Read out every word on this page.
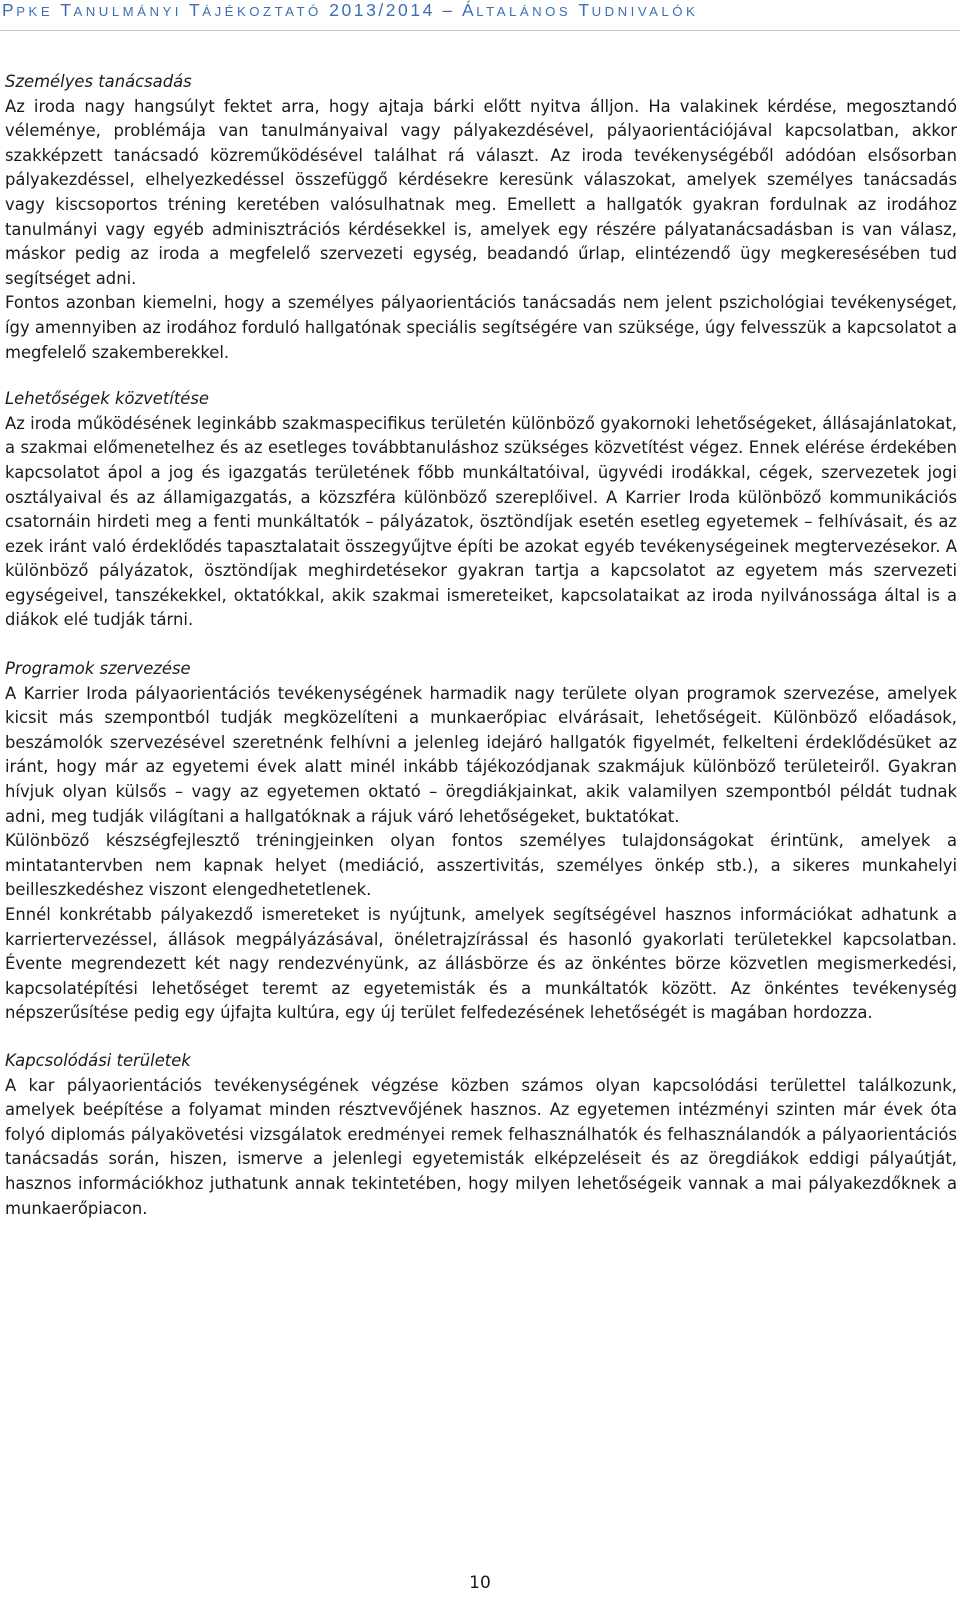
PPKE TANULMÁNYI TÁJÉKOZTATÓ 2013/2014 – ÁLTALÁNOS TUDNIVALÓK
Személyes tanácsadás

Az iroda nagy hangsúlyt fektet arra, hogy ajtaja bárki előtt nyitva álljon. Ha valakinek kérdése, megosztandó véleménye, problémája van tanulmányaival vagy pályakezdésével, pályaorientációjával kapcsolatban, akkor szakképzett tanácsadó közreműködésével találhat rá választ. Az iroda tevékenységéből adódóan elsősorban pályakezdéssel, elhelyezkedéssel összefüggő kérdésekre keresünk válaszokat, amelyek személyes tanácsadás vagy kiscsoportos tréning keretében valósulhatnak meg. Emellett a hallgatók gyakran fordulnak az irodához tanulmányi vagy egyéb adminisztrációs kérdésekkel is, amelyek egy részére pályatanácsadásban is van válasz, máskor pedig az iroda a megfelelő szervezeti egység, beadandó űrlap, elintézendő ügy megkeresésében tud segítséget adni.

Fontos azonban kiemelni, hogy a személyes pályaorientációs tanácsadás nem jelent pszichológiai tevékenységet, így amennyiben az irodához forduló hallgatónak speciális segítségére van szüksége, úgy felvesszük a kapcsolatot a megfelelő szakemberekkel.

Lehetőségek közvetítése

Az iroda működésének leginkább szakmaspecifikus területén különböző gyakornoki lehetőségeket, állásajánlatokat, a szakmai előmenetelhez és az esetleges továbbtanuláshoz szükséges közvetítést végez. Ennek elérése érdekében kapcsolatot ápol a jog és igazgatás területének főbb munkáltatóival, ügyvédi irodákkal, cégek, szervezetek jogi osztályaival és az államigazgatás, a közszféra különböző szereplőivel. A Karrier Iroda különböző kommunikációs csatornáin hirdeti meg a fenti munkáltatók – pályázatok, ösztöndíjak esetén esetleg egyetemek – felhívásait, és az ezek iránt való érdeklődés tapasztalatait összegyűjtve építi be azokat egyéb tevékenységeinek megtervezésekor. A különböző pályázatok, ösztöndíjak meghirdetésekor gyakran tartja a kapcsolatot az egyetem más szervezeti egységeivel, tanszékekkel, oktatókkal, akik szakmai ismereteiket, kapcsolataikat az iroda nyilvánossága által is a diákok elé tudják tárni.

Programok szervezése

A Karrier Iroda pályaorientációs tevékenységének harmadik nagy területe olyan programok szervezése, amelyek kicsit más szempontból tudják megközelíteni a munkaerőpiac elvárásait, lehetőségeit. Különböző előadások, beszámolók szervezésével szeretnénk felhívni a jelenleg idejáró hallgatók figyelmét, felkelteni érdeklődésüket az iránt, hogy már az egyetemi évek alatt minél inkább tájékozódjanak szakmájuk különböző területeiről. Gyakran hívjuk olyan külsős – vagy az egyetemen oktató – öregdiákjainkat, akik valamilyen szempontból példát tudnak adni, meg tudják világítani a hallgatóknak a rájuk váró lehetőségeket, buktatókat.

Különböző készségfejlesztő tréningjeinken olyan fontos személyes tulajdonságokat érintünk, amelyek a mintatantervben nem kapnak helyet (mediáció, asszertivitás, személyes önkép stb.), a sikeres munkahelyi beilleszkedéshez viszont elengedhetetlenek.

Ennél konkrétabb pályakezdő ismereteket is nyújtunk, amelyek segítségével hasznos információkat adhatunk a karriertervezéssel, állások megpályázásával, önéletrajzírással és hasonló gyakorlati területekkel kapcsolatban. Évente megrendezett két nagy rendezvényünk, az állásbörze és az önkéntes börze közvetlen megismerkedési, kapcsolatépítési lehetőséget teremt az egyetemisták és a munkáltatók között. Az önkéntes tevékenység népszerűsítése pedig egy újfajta kultúra, egy új terület felfedezésének lehetőségét is magában hordozza.

Kapcsolódási területek

A kar pályaorientációs tevékenységének végzése közben számos olyan kapcsolódási területtel találkozunk, amelyek beépítése a folyamat minden résztvevőjének hasznos. Az egyetemen intézményi szinten már évek óta folyó diplomás pályakövetési vizsgálatok eredményei remek felhasználhatók és felhasználandók a pályaorientációs tanácsadás során, hiszen, ismerve a jelenlegi egyetemisták elképzeléseit és az öregdiákok eddigi pályaútját, hasznos információkhoz juthatunk annak tekintetében, hogy milyen lehetőségeik vannak a mai pályakezdőknek a munkaerőpiacon.

10
